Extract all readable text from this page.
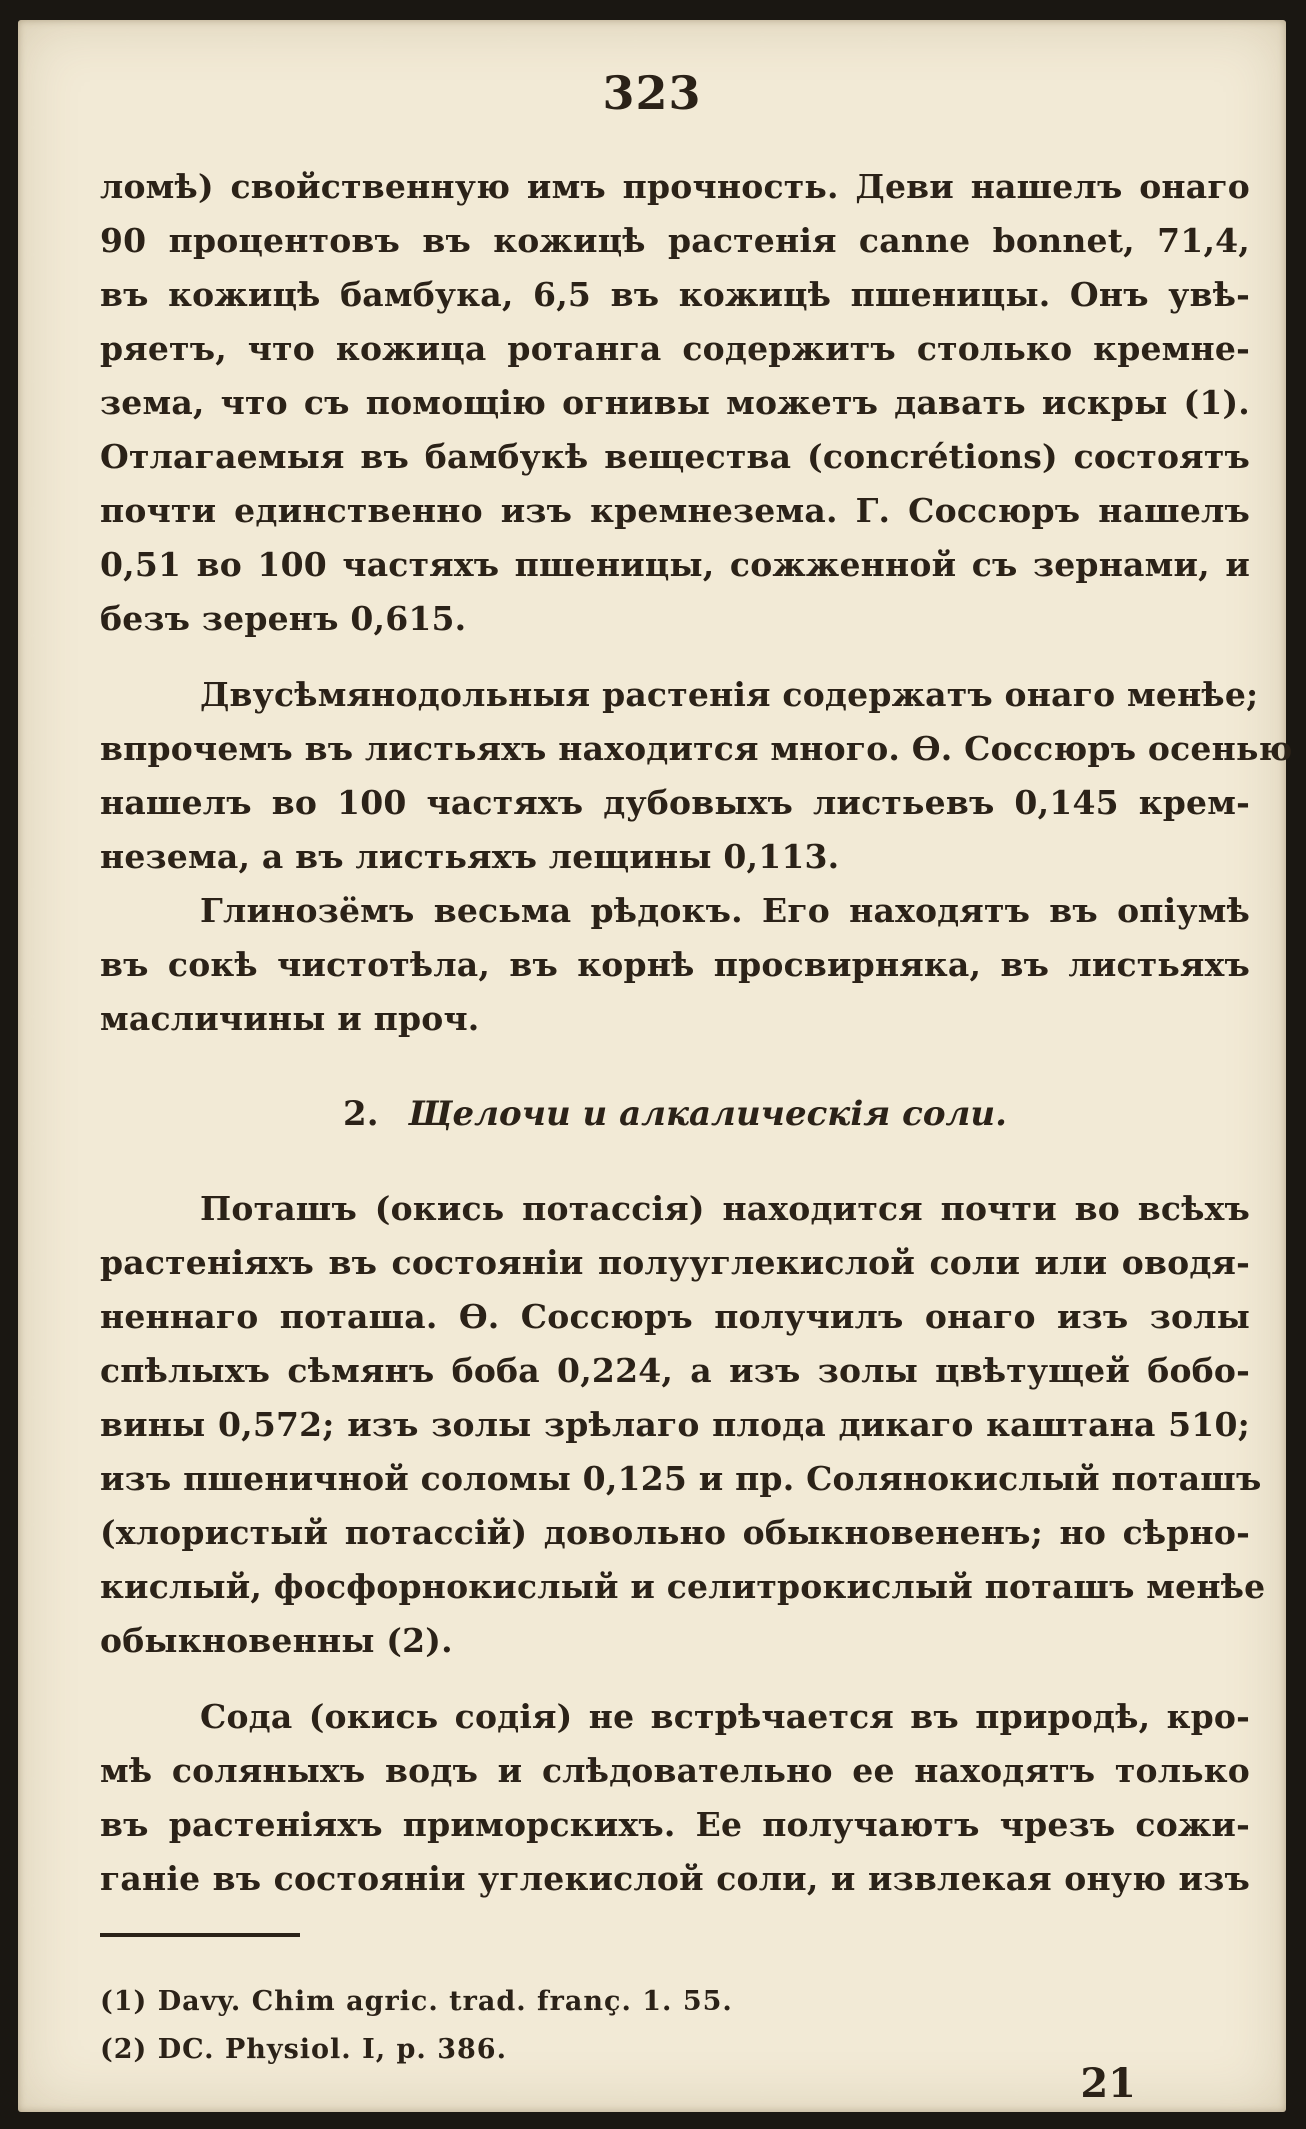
323
ломѣ) свойственную имъ прочность. Деви нашелъ онаго
90 процентовъ въ кожицѣ растенія canne bonnet, 71,4,
въ кожицѣ бамбука, 6,5 въ кожицѣ пшеницы. Онъ увѣ-
ряетъ, что кожица ротанга содержитъ столько кремне-
зема, что съ помощію огнивы можетъ давать искры (1).
Отлагаемыя въ бамбукѣ вещества (concrétions) состоятъ
почти единственно изъ кремнезема. Г. Соссюръ нашелъ
0,51 во 100 частяхъ пшеницы, сожженной съ зернами, и
безъ зеренъ 0,615.
Двусѣмянодольныя растенія содержатъ онаго менѣе;
впрочемъ въ листьяхъ находится много. Ѳ. Соссюръ осенью
нашелъ во 100 частяхъ дубовыхъ листьевъ 0,145 крем-
незема, а въ листьяхъ лещины 0,113.
Глинозёмъ весьма рѣдокъ. Его находятъ въ опіумѣ
въ сокѣ чистотѣла, въ корнѣ просвирняка, въ листьяхъ
масличины и проч.
2. Щелочи и алкалическія соли.
Поташъ (окись потассія) находится почти во всѣхъ
растеніяхъ въ состояніи полууглекислой соли или оводя-
неннаго поташа. Ѳ. Соссюръ получилъ онаго изъ золы
спѣлыхъ сѣмянъ боба 0,224, а изъ золы цвѣтущей бобо-
вины 0,572; изъ золы зрѣлаго плода дикаго каштана 510;
изъ пшеничной соломы 0,125 и пр. Солянокислый поташъ
(хлористый потассій) довольно обыкновененъ; но сѣрно-
кислый, фосфорнокислый и селитрокислый поташъ менѣе
обыкновенны (2).
Сода (окись содія) не встрѣчается въ природѣ, кро-
мѣ соляныхъ водъ и слѣдовательно ее находятъ только
въ растеніяхъ приморскихъ. Ее получаютъ чрезъ сожи-
ганіе въ состояніи углекислой соли, и извлекая оную изъ
(1) Davy. Chim agric. trad. franç. 1. 55.
(2) DC. Physiol. I, p. 386.
21
